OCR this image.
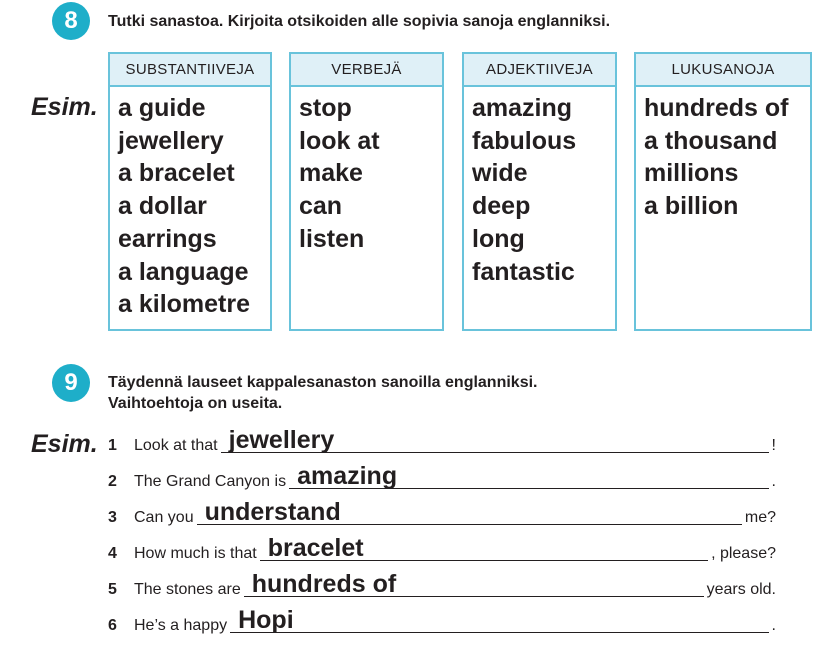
8 Tutki sanastoa. Kirjoita otsikoiden alle sopivia sanoja englanniksi.
Esim.
SUBSTANTIIVEJA
a guide
jewellery
a bracelet
a dollar
earrings
a language
a kilometre
VERBEJÄ
stop
look at
make
can
listen
ADJEKTIIVEJA
amazing
fabulous
wide
deep
long
fantastic
LUKUSANOJA
hundreds of
a thousand
millions
a billion
9 Täydennä lauseet kappalesanaston sanoilla englanniksi.
Vaihtoehtoja on useita.
Esim. 1	Look at that jewellery	!
2	The Grand Canyon is amazing	.
3	Can you understand	me?
4	How much is that bracelet	, please?
5	The stones are hundreds of	years old.
6	He’s a happy Hopi	.
